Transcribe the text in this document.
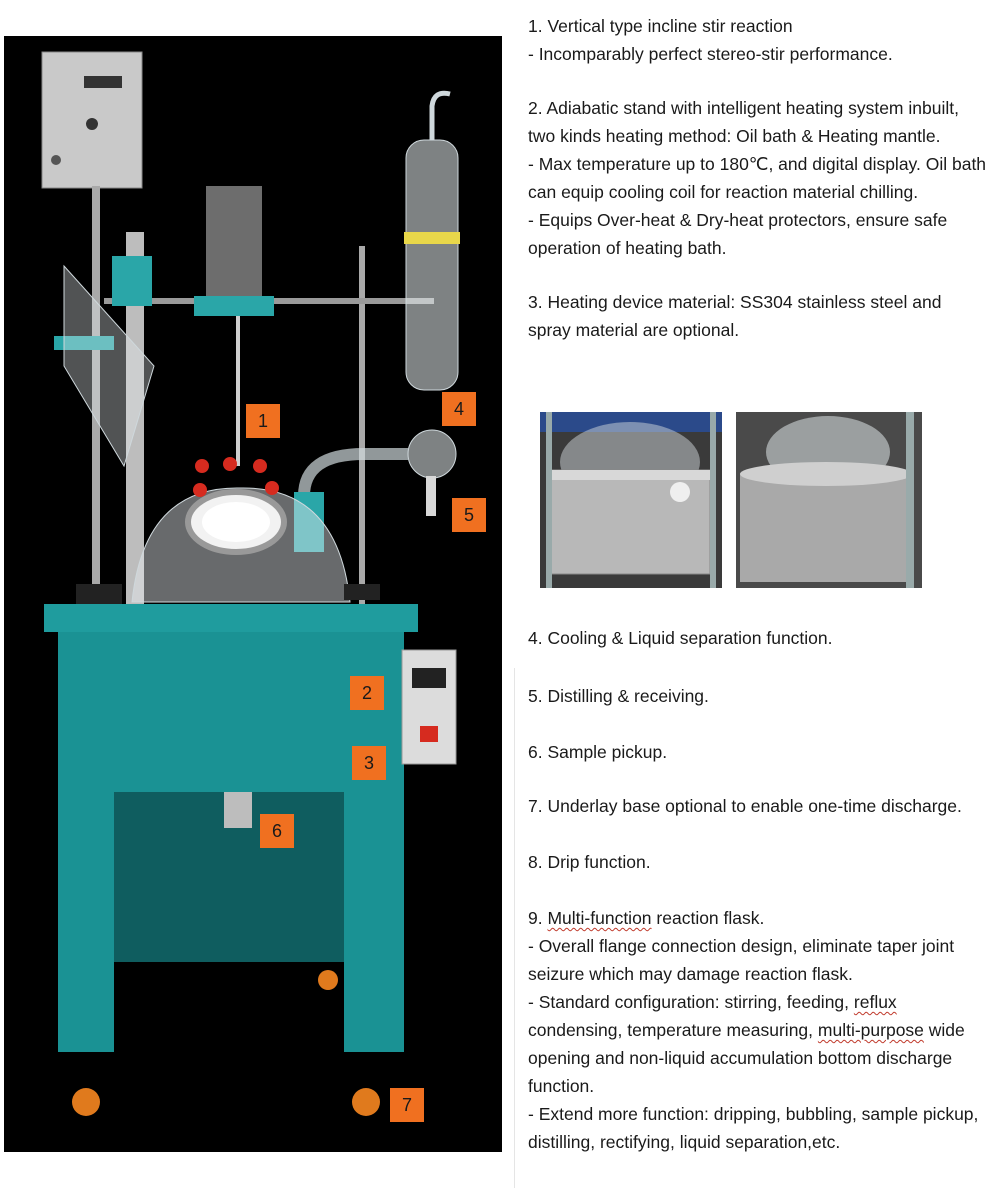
1
4
5
2
3
6
7

1. Vertical type incline stir reaction

- Incomparably perfect stereo-stir performance.

2. Adiabatic stand with intelligent heating system inbuilt, two kinds heating method: Oil bath & Heating mantle.

- Max temperature up to 180℃, and digital display. Oil bath can equip cooling coil for reaction material chilling.

- Equips Over-heat & Dry-heat protectors, ensure safe operation of heating bath.

3. Heating device material: SS304 stainless steel and spray material are optional.

4. Cooling & Liquid separation function.

5. Distilling & receiving.

6. Sample pickup.

7. Underlay base optional to enable one-time discharge.

8. Drip function.

9. Multi-function reaction flask.

- Overall flange connection design, eliminate taper joint seizure which may damage reaction flask.

- Standard configuration: stirring, feeding, reflux condensing, temperature measuring, multi-purpose wide opening and non-liquid accumulation bottom discharge function.

- Extend more function: dripping, bubbling, sample pickup, distilling, rectifying, liquid separation,etc.
